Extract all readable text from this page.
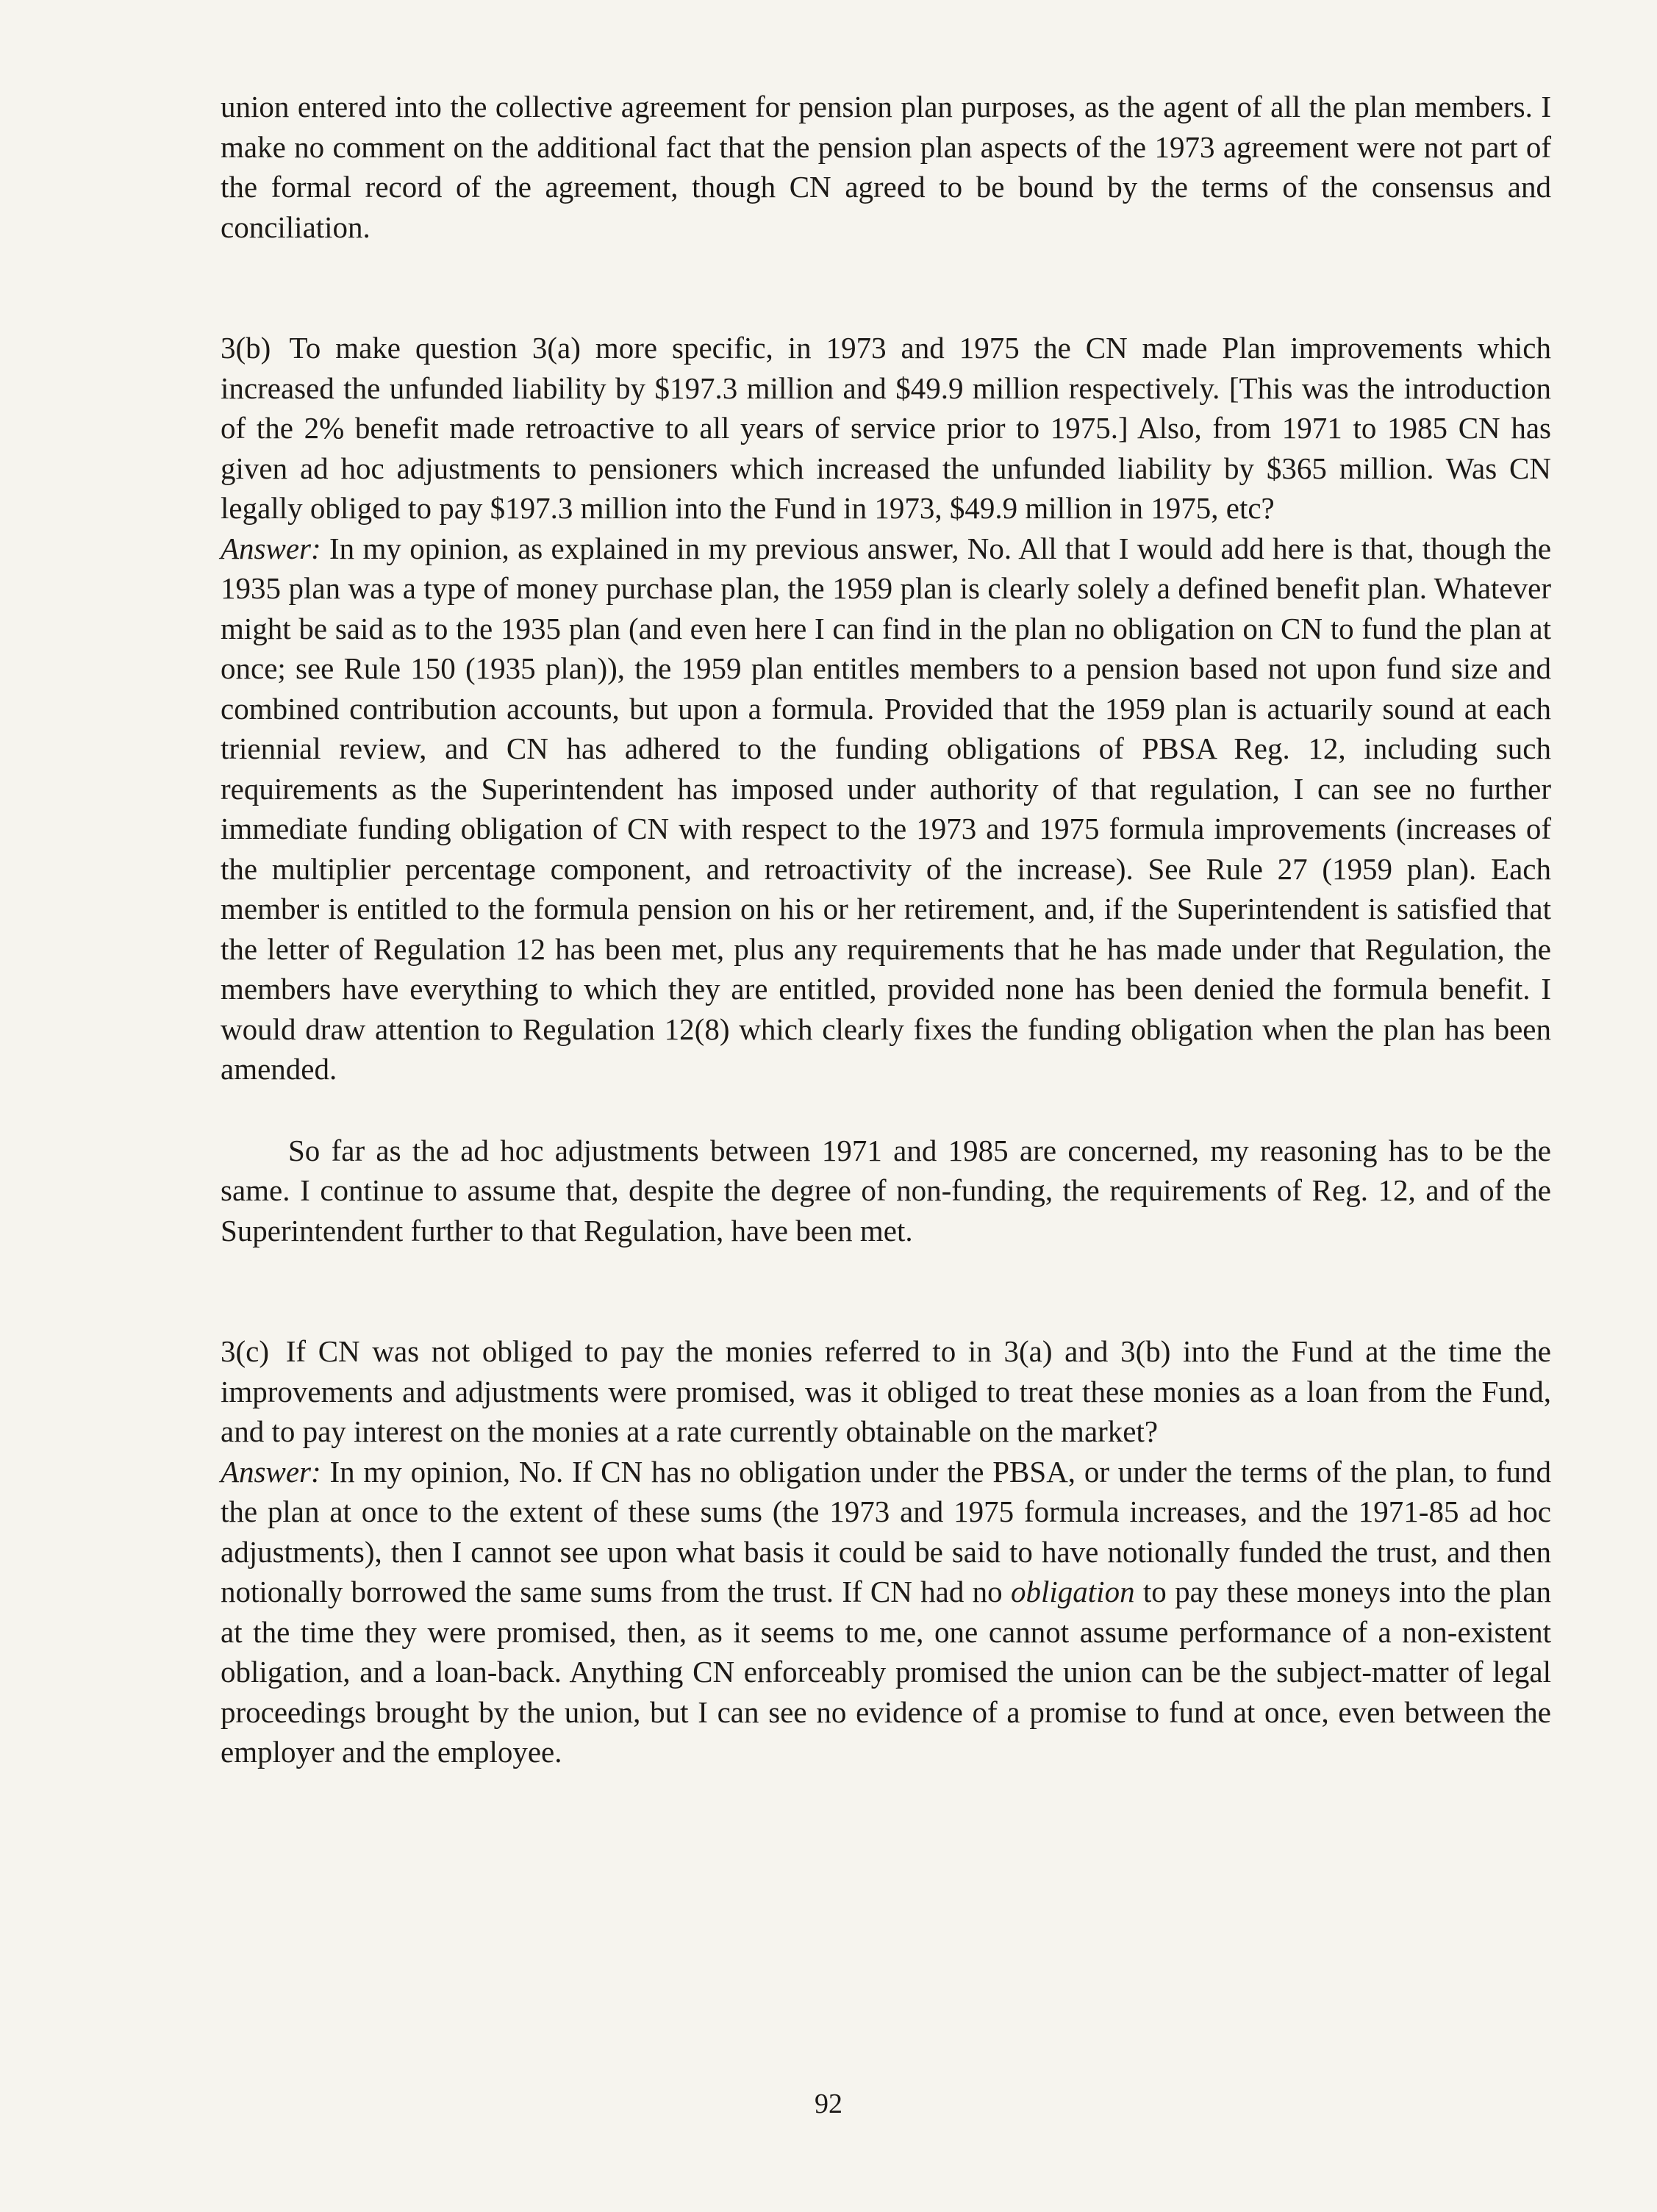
union entered into the collective agreement for pension plan purposes, as the agent of all the plan members. I make no comment on the additional fact that the pension plan aspects of the 1973 agreement were not part of the formal record of the agreement, though CN agreed to be bound by the terms of the consensus and conciliation.

3(b) To make question 3(a) more specific, in 1973 and 1975 the CN made Plan improvements which increased the unfunded liability by $197.3 million and $49.9 million respectively. [This was the introduction of the 2% benefit made retroactive to all years of service prior to 1975.] Also, from 1971 to 1985 CN has given ad hoc adjustments to pensioners which increased the unfunded liability by $365 million. Was CN legally obliged to pay $197.3 million into the Fund in 1973, $49.9 million in 1975, etc?

Answer: In my opinion, as explained in my previous answer, No. All that I would add here is that, though the 1935 plan was a type of money purchase plan, the 1959 plan is clearly solely a defined benefit plan. Whatever might be said as to the 1935 plan (and even here I can find in the plan no obligation on CN to fund the plan at once; see Rule 150 (1935 plan)), the 1959 plan entitles members to a pension based not upon fund size and combined contribution accounts, but upon a formula. Provided that the 1959 plan is actuarily sound at each triennial review, and CN has adhered to the funding obligations of PBSA Reg. 12, including such requirements as the Superintendent has imposed under authority of that regulation, I can see no further immediate funding obligation of CN with respect to the 1973 and 1975 formula improvements (increases of the multiplier percentage component, and retroactivity of the increase). See Rule 27 (1959 plan). Each member is entitled to the formula pension on his or her retirement, and, if the Superintendent is satisfied that the letter of Regulation 12 has been met, plus any requirements that he has made under that Regulation, the members have everything to which they are entitled, provided none has been denied the formula benefit. I would draw attention to Regulation 12(8) which clearly fixes the funding obligation when the plan has been amended.

So far as the ad hoc adjustments between 1971 and 1985 are concerned, my reasoning has to be the same. I continue to assume that, despite the degree of non-funding, the requirements of Reg. 12, and of the Superintendent further to that Regulation, have been met.

3(c) If CN was not obliged to pay the monies referred to in 3(a) and 3(b) into the Fund at the time the improvements and adjustments were promised, was it obliged to treat these monies as a loan from the Fund, and to pay interest on the monies at a rate currently obtainable on the market?

Answer: In my opinion, No. If CN has no obligation under the PBSA, or under the terms of the plan, to fund the plan at once to the extent of these sums (the 1973 and 1975 formula increases, and the 1971-85 ad hoc adjustments), then I cannot see upon what basis it could be said to have notionally funded the trust, and then notionally borrowed the same sums from the trust. If CN had no obligation to pay these moneys into the plan at the time they were promised, then, as it seems to me, one cannot assume performance of a non-existent obligation, and a loan-back. Anything CN enforceably promised the union can be the subject-matter of legal proceedings brought by the union, but I can see no evidence of a promise to fund at once, even between the employer and the employee.

92
